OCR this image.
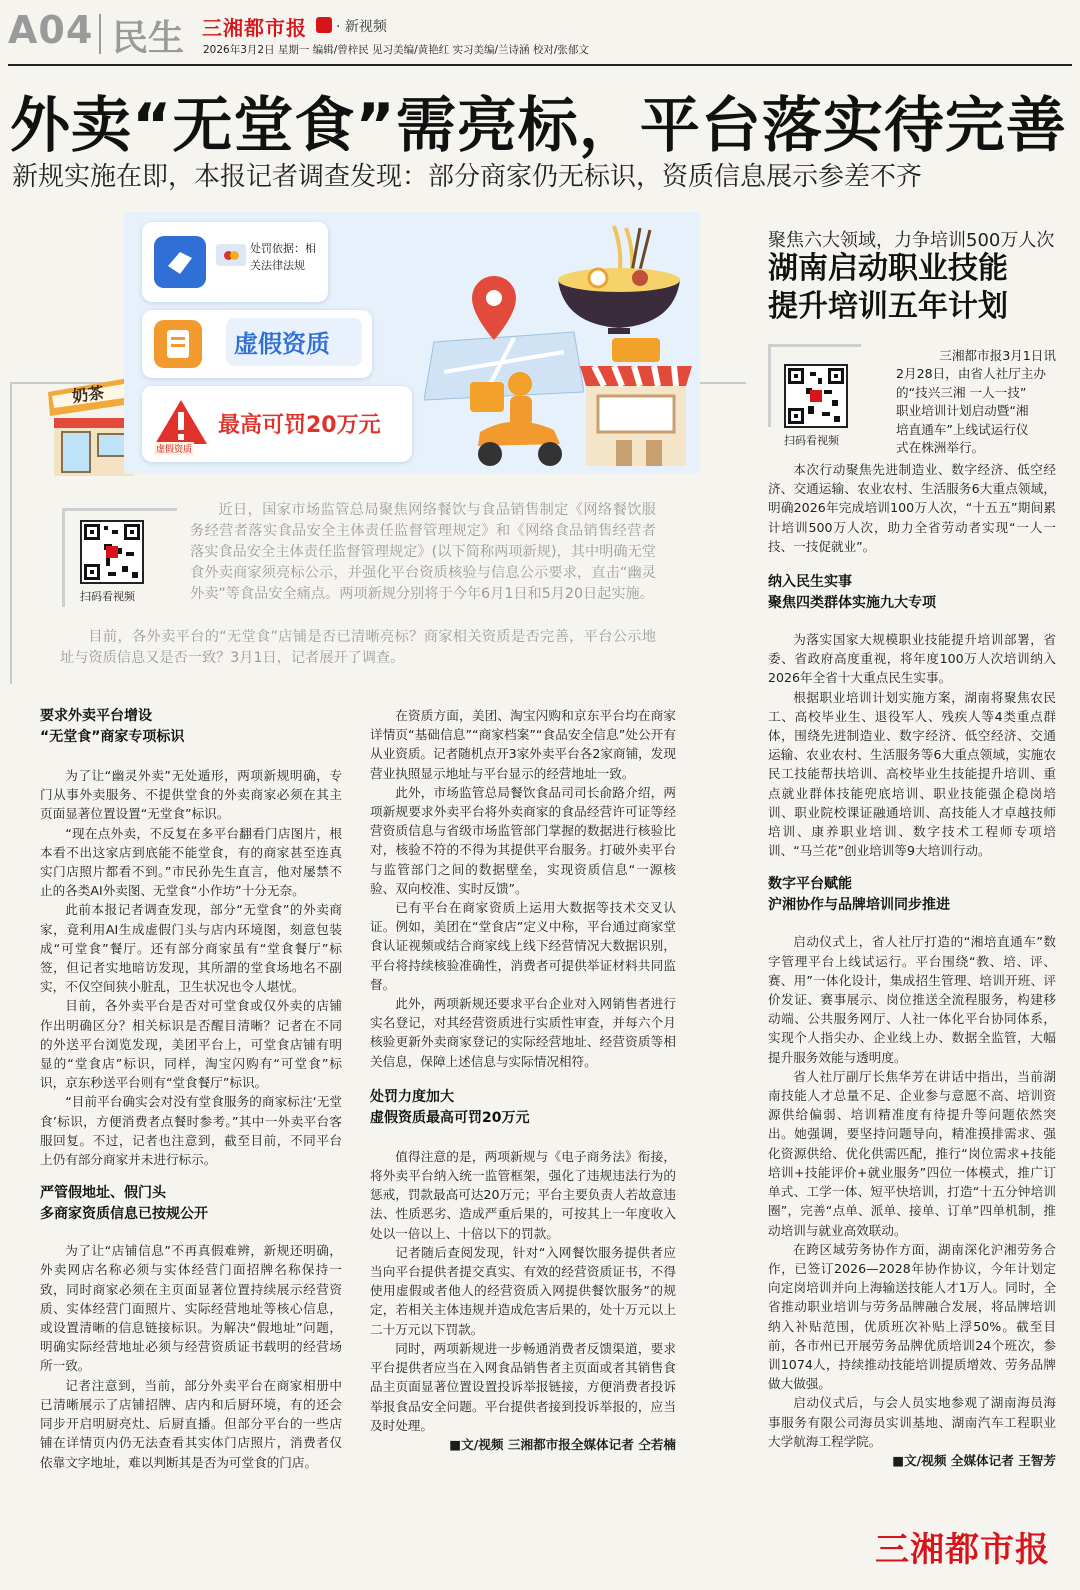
A04 民生 三湘都市报 · 新视频
2026年3月2日 星期一 编辑/曾梓民 见习美编/黄艳红 实习美编/兰诗涵 校对/张郁文
外卖“无堂食”需亮标，平台落实待完善
新规实施在即，本报记者调查发现：部分商家仍无标识，资质信息展示参差不齐
奶茶
处罚依据：相关法律法规
虚假资质
虚假资质
最高可罚20万元
扫码看视频

近日，国家市场监管总局聚焦网络餐饮与食品销售制定《网络餐饮服务经营者落实食品安全主体责任监督管理规定》和《网络食品销售经营者落实食品安全主体责任监督管理规定》(以下简称两项新规)，其中明确无堂食外卖商家须亮标公示，并强化平台资质核验与信息公示要求，直击“幽灵外卖”等食品安全痛点。两项新规分别将于今年6月1日和5月20日起实施。

目前，各外卖平台的“无堂食”店铺是否已清晰亮标？商家相关资质是否完善，平台公示地址与资质信息又是否一致？3月1日，记者展开了调查。

要求外卖平台增设

“无堂食”商家专项标识

为了让“幽灵外卖”无处遁形，两项新规明确，专门从事外卖服务、不提供堂食的外卖商家必须在其主页面显著位置设置“无堂食”标识。

“现在点外卖，不反复在多平台翻看门店图片，根本看不出这家店到底能不能堂食，有的商家甚至连真实门店照片都看不到。”市民孙先生直言，他对屡禁不止的各类AI外卖图、无堂食“小作坊”十分无奈。

此前本报记者调查发现，部分“无堂食”的外卖商家，竟利用AI生成虚假门头与店内环境图，刻意包装成“可堂食”餐厅。还有部分商家虽有“堂食餐厅”标签，但记者实地暗访发现，其所謂的堂食场地名不副实，不仅空间狭小脏乱，卫生状况也令人堪忧。

目前，各外卖平台是否对可堂食或仅外卖的店铺作出明确区分？相关标识是否醒目清晰？记者在不同的外送平台浏览发现，美团平台上，可堂食店铺有明显的“堂食店”标识，同样，淘宝闪购有“可堂食”标识，京东秒送平台则有“堂食餐厅”标识。

“目前平台确实会对没有堂食服务的商家标注‘无堂食’标识，方便消费者点餐时参考。”其中一外卖平台客服回复。不过，记者也注意到，截至目前，不同平台上仍有部分商家并未进行标示。

严管假地址、假门头

多商家资质信息已按规公开

为了让“店铺信息”不再真假难辨，新规还明确，外卖网店名称必须与实体经营门面招牌名称保持一致，同时商家必须在主页面显著位置持续展示经营资质、实体经营门面照片、实际经营地址等核心信息，或设置清晰的信息链接标识。为解决“假地址”问题，明确实际经营地址必须与经营资质证书载明的经营场所一致。

记者注意到，当前，部分外卖平台在商家相册中已清晰展示了店铺招牌、店内和后厨环境，有的还会同步开启明厨亮灶、后厨直播。但部分平台的一些店铺在详情页内仍无法查看其实体门店照片，消费者仅依靠文字地址，难以判断其是否为可堂食的门店。

在资质方面，美团、淘宝闪购和京东平台均在商家详情页“基础信息”“商家档案”“食品安全信息”处公开有从业资质。记者随机点开3家外卖平台各2家商铺，发现营业执照显示地址与平台显示的经营地址一致。

此外，市场监管总局餐饮食品司司长俞路介绍，两项新规要求外卖平台将外卖商家的食品经营许可证等经营资质信息与省级市场监管部门掌握的数据进行核验比对，核验不符的不得为其提供平台服务。打破外卖平台与监管部门之间的数据壁垒，实现资质信息“一源核验、双向校准、实时反馈”。

已有平台在商家资质上运用大数据等技术交叉认证。例如，美团在“堂食店”定义中称，平台通过商家堂食认证视频或结合商家线上线下经营情况大数据识别，平台将持续核验准确性，消费者可提供举证材料共同监督。

此外，两项新规还要求平台企业对入网销售者进行实名登记，对其经营资质进行实质性审查，并每六个月核验更新外卖商家登记的实际经营地址、经营资质等相关信息，保障上述信息与实际情况相符。

处罚力度加大

虚假资质最高可罚20万元

值得注意的是，两项新规与《电子商务法》衔接，将外卖平台纳入统一监管框架，强化了违规违法行为的惩戒，罚款最高可达20万元；平台主要负责人若故意违法、性质恶劣、造成严重后果的，可按其上一年度收入处以一倍以上、十倍以下的罚款。

记者随后查阅发现，针对“入网餐饮服务提供者应当向平台提供者提交真实、有效的经营资质证书，不得使用虚假或者他人的经营资质入网提供餐饮服务”的规定，若相关主体违规并造成危害后果的，处十万元以上二十万元以下罚款。

同时，两项新规进一步畅通消费者反馈渠道，要求平台提供者应当在入网食品销售者主页面或者其销售食品主页面显著位置设置投诉举报链接，方便消费者投诉举报食品安全问题。平台提供者接到投诉举报的，应当及时处理。

■文/视频 三湘都市报全媒体记者 仝若楠

聚焦六大领域，力争培训500万人次
湖南启动职业技能
提升培训五年计划
扫码看视频
三湘都市报3月1日讯
2月28日，由省人社厅主办
的“技兴三湘 一人一技”
职业培训计划启动暨“湘
培直通车”上线试运行仪
式在株洲举行。

本次行动聚焦先进制造业、数字经济、低空经济、交通运输、农业农村、生活服务6大重点领域，明确2026年完成培训100万人次，“十五五”期间累计培训500万人次，助力全省劳动者实现“一人一技、一技促就业”。

纳入民生实事

聚焦四类群体实施九大专项

为落实国家大规模职业技能提升培训部署，省委、省政府高度重视，将年度100万人次培训纳入2026年全省十大重点民生实事。

根据职业培训计划实施方案，湖南将聚焦农民工、高校毕业生、退役军人、残疾人等4类重点群体，围绕先进制造业、数字经济、低空经济、交通运输、农业农村、生活服务等6大重点领域，实施农民工技能帮扶培训、高校毕业生技能提升培训、重点就业群体技能兜底培训、职业技能强企稳岗培训、职业院校课证融通培训、高技能人才卓越技师培训、康养职业培训、数字技术工程师专项培训、“马兰花”创业培训等9大培训行动。

数字平台赋能

沪湘协作与品牌培训同步推进

启动仪式上，省人社厅打造的“湘培直通车”数字管理平台上线试运行。平台围绕“教、培、评、赛、用”一体化设计，集成招生管理、培训开班、评价发证、赛事展示、岗位推送全流程服务，构建移动端、公共服务网厅、人社一体化平台协同体系，实现个人指尖办、企业线上办、数据全监管，大幅提升服务效能与透明度。

省人社厅副厅长焦华芳在讲话中指出，当前湖南技能人才总量不足、企业参与意愿不高、培训资源供给偏弱、培训精准度有待提升等问题依然突出。她强调，要坚持问题导向，精准摸排需求、强化资源供给、优化供需匹配，推行“岗位需求+技能培训+技能评价+就业服务”四位一体模式，推广订单式、工学一体、短平快培训，打造“十五分钟培训圈”，完善“点单、派单、接单、订单”四单机制，推动培训与就业高效联动。

在跨区域劳务协作方面，湖南深化沪湘劳务合作，已签订2026—2028年协作协议，今年计划定向定岗培训并向上海输送技能人才1万人。同时，全省推动职业培训与劳务品牌融合发展，将品牌培训纳入补贴范围，优质班次补贴上浮50%。截至目前，各市州已开展劳务品牌优质培训24个班次，参训1074人，持续推动技能培训提质增效、劳务品牌做大做强。

启动仪式后，与会人员实地参观了湖南海员海事服务有限公司海员实训基地、湖南汽车工程职业大学航海工程学院。

■文/视频 全媒体记者 王智芳

三湘都市报
